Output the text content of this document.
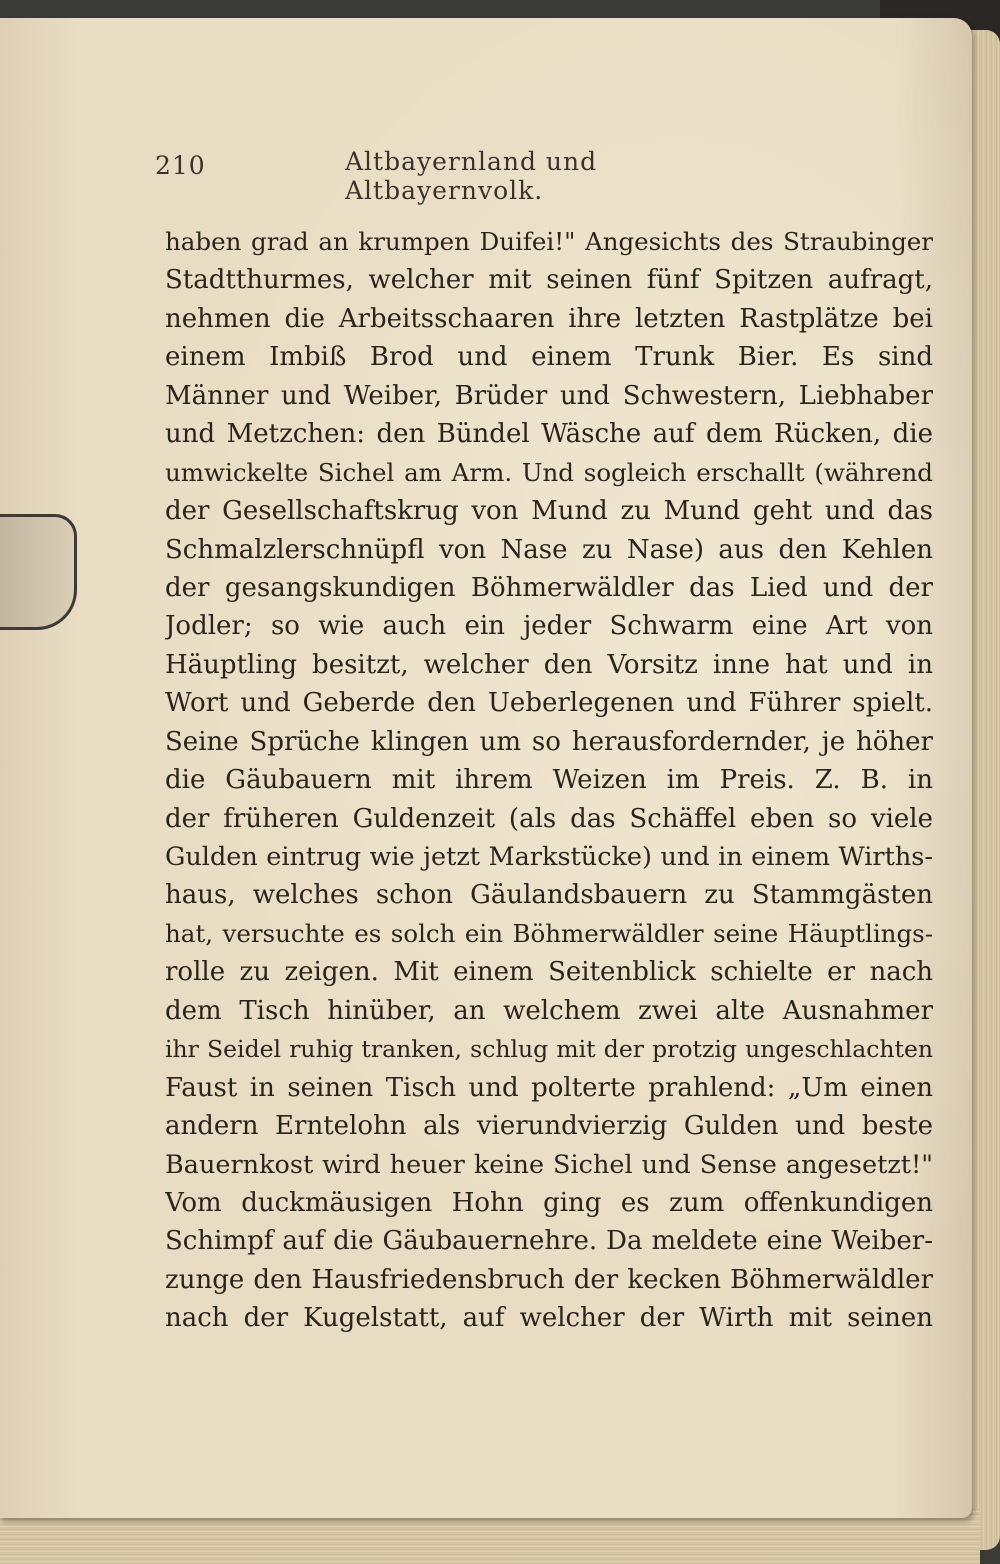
210	Altbayernland und Altbayernvolk.
haben grad an krumpen Duifei!" Angesichts des Straubinger
Stadtthurmes, welcher mit seinen fünf Spitzen aufragt,
nehmen die Arbeitsschaaren ihre letzten Rastplätze bei
einem Imbiß Brod und einem Trunk Bier. Es sind
Männer und Weiber, Brüder und Schwestern, Liebhaber
und Metzchen: den Bündel Wäsche auf dem Rücken, die
umwickelte Sichel am Arm. Und sogleich erschallt (während
der Gesellschaftskrug von Mund zu Mund geht und das
Schmalzlerschnüpfl von Nase zu Nase) aus den Kehlen
der gesangskundigen Böhmerwäldler das Lied und der
Jodler; so wie auch ein jeder Schwarm eine Art von
Häuptling besitzt, welcher den Vorsitz inne hat und in
Wort und Geberde den Ueberlegenen und Führer spielt.
Seine Sprüche klingen um so herausfordernder, je höher
die Gäubauern mit ihrem Weizen im Preis. Z. B. in
der früheren Guldenzeit (als das Schäffel eben so viele
Gulden eintrug wie jetzt Markstücke) und in einem Wirths-
haus, welches schon Gäulandsbauern zu Stammgästen
hat, versuchte es solch ein Böhmerwäldler seine Häuptlings-
rolle zu zeigen. Mit einem Seitenblick schielte er nach
dem Tisch hinüber, an welchem zwei alte Ausnahmer
ihr Seidel ruhig tranken, schlug mit der protzig ungeschlachten
Faust in seinen Tisch und polterte prahlend: „Um einen
andern Erntelohn als vierundvierzig Gulden und beste
Bauernkost wird heuer keine Sichel und Sense angesetzt!"
Vom duckmäusigen Hohn ging es zum offenkundigen
Schimpf auf die Gäubauernehre. Da meldete eine Weiber-
zunge den Hausfriedensbruch der kecken Böhmerwäldler
nach der Kugelstatt, auf welcher der Wirth mit seinen
